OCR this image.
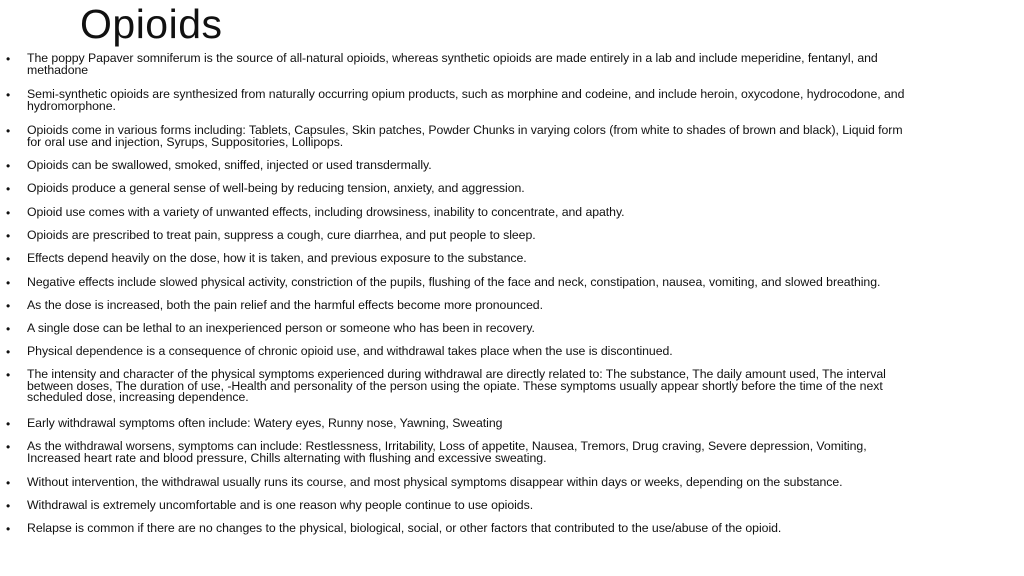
Opioids
• The poppy Papaver somniferum is the source of all-natural opioids, whereas synthetic opioids are made entirely in a lab and include meperidine, fentanyl, and
methadone
• Semi-synthetic opioids are synthesized from naturally occurring opium products, such as morphine and codeine, and include heroin, oxycodone, hydrocodone, and
hydromorphone.
• Opioids come in various forms including: Tablets, Capsules, Skin patches, Powder Chunks in varying colors (from white to shades of brown and black), Liquid form
for oral use and injection, Syrups, Suppositories, Lollipops.
• Opioids can be swallowed, smoked, sniffed, injected or used transdermally.
• Opioids produce a general sense of well-being by reducing tension, anxiety, and aggression.
• Opioid use comes with a variety of unwanted effects, including drowsiness, inability to concentrate, and apathy.
• Opioids are prescribed to treat pain, suppress a cough, cure diarrhea, and put people to sleep.
• Effects depend heavily on the dose, how it is taken, and previous exposure to the substance.
• Negative effects include slowed physical activity, constriction of the pupils, flushing of the face and neck, constipation, nausea, vomiting, and slowed breathing.
• As the dose is increased, both the pain relief and the harmful effects become more pronounced.
• A single dose can be lethal to an inexperienced person or someone who has been in recovery.
• Physical dependence is a consequence of chronic opioid use, and withdrawal takes place when the use is discontinued.
• The intensity and character of the physical symptoms experienced during withdrawal are directly related to: The substance, The daily amount used, The interval
between doses, The duration of use, -Health and personality of the person using the opiate. These symptoms usually appear shortly before the time of the next
scheduled dose, increasing dependence.
• Early withdrawal symptoms often include: Watery eyes, Runny nose, Yawning, Sweating
• As the withdrawal worsens, symptoms can include: Restlessness, Irritability, Loss of appetite, Nausea, Tremors, Drug craving, Severe depression, Vomiting,
Increased heart rate and blood pressure, Chills alternating with flushing and excessive sweating.
• Without intervention, the withdrawal usually runs its course, and most physical symptoms disappear within days or weeks, depending on the substance.
• Withdrawal is extremely uncomfortable and is one reason why people continue to use opioids.
• Relapse is common if there are no changes to the physical, biological, social, or other factors that contributed to the use/abuse of the opioid.
